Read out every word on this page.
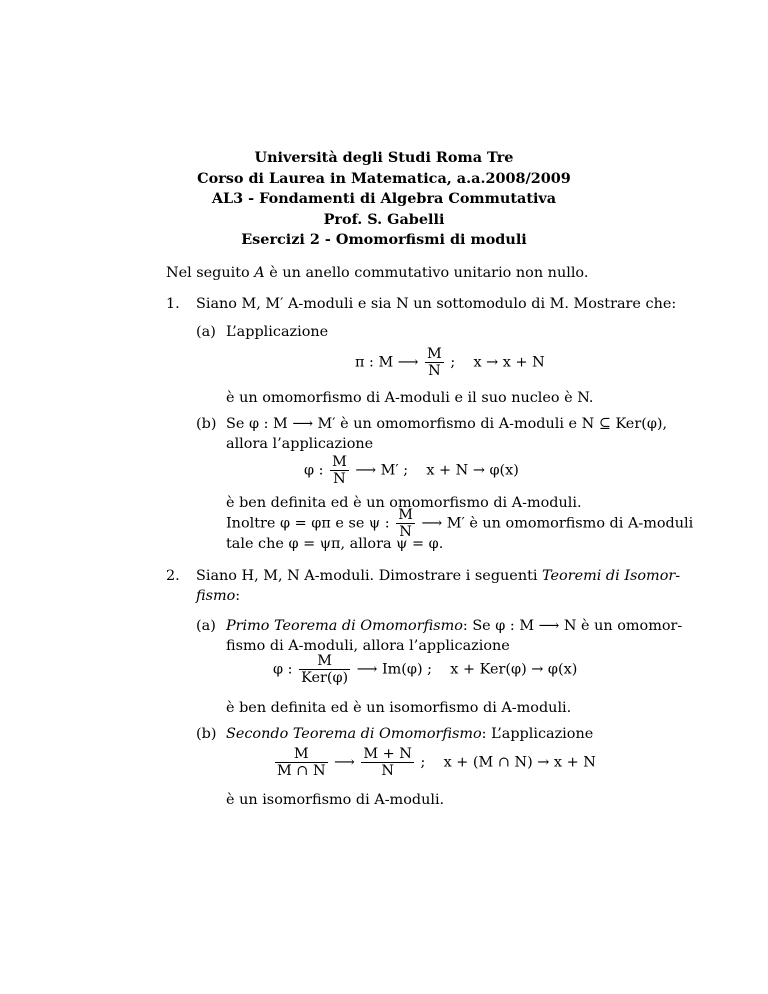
Università degli Studi Roma Tre
Corso di Laurea in Matematica, a.a.2008/2009
AL3 - Fondamenti di Algebra Commutativa
Prof. S. Gabelli
Esercizi 2 - Omomorfismi di moduli
Nel seguito A è un anello commutativo unitario non nullo.
1. Siano M, M′ A-moduli e sia N un sottomodulo di M. Mostrare che:
(a) L’applicazione
π : M ⟶ $\frac{M}{N}$ ;    x → x + N
è un omomorfismo di A-moduli e il suo nucleo è N.
(b) Se φ : M ⟶ M′ è un omomorfismo di A-moduli e N ⊆ Ker(φ),
allora l’applicazione
φ : $\frac{M}{N}$ ⟶ M′ ;    x + N → φ(x)
è ben definita ed è un omomorfismo di A-moduli.
Inoltre φ = φπ e se ψ : $\frac{M}{N}$ ⟶ M′ è un omomorfismo di A-moduli
tale che φ = ψπ, allora ψ = φ.
2. Siano H, M, N A-moduli. Dimostrare i seguenti Teoremi di Isomor-
fismo:
(a) Primo Teorema di Omomorfismo: Se φ : M ⟶ N è un omomor-
fismo di A-moduli, allora l’applicazione
φ : $\frac{M}{\text{Ker(φ)}}$ ⟶ Im(φ) ;    x + Ker(φ) → φ(x)
è ben definita ed è un isomorfismo di A-moduli.
(b) Secondo Teorema di Omomorfismo: L’applicazione
$\frac{M}{M \cap N}$ ⟶ $\frac{M + N}{N}$ ;    x + (M ∩ N) → x + N
è un isomorfismo di A-moduli.
